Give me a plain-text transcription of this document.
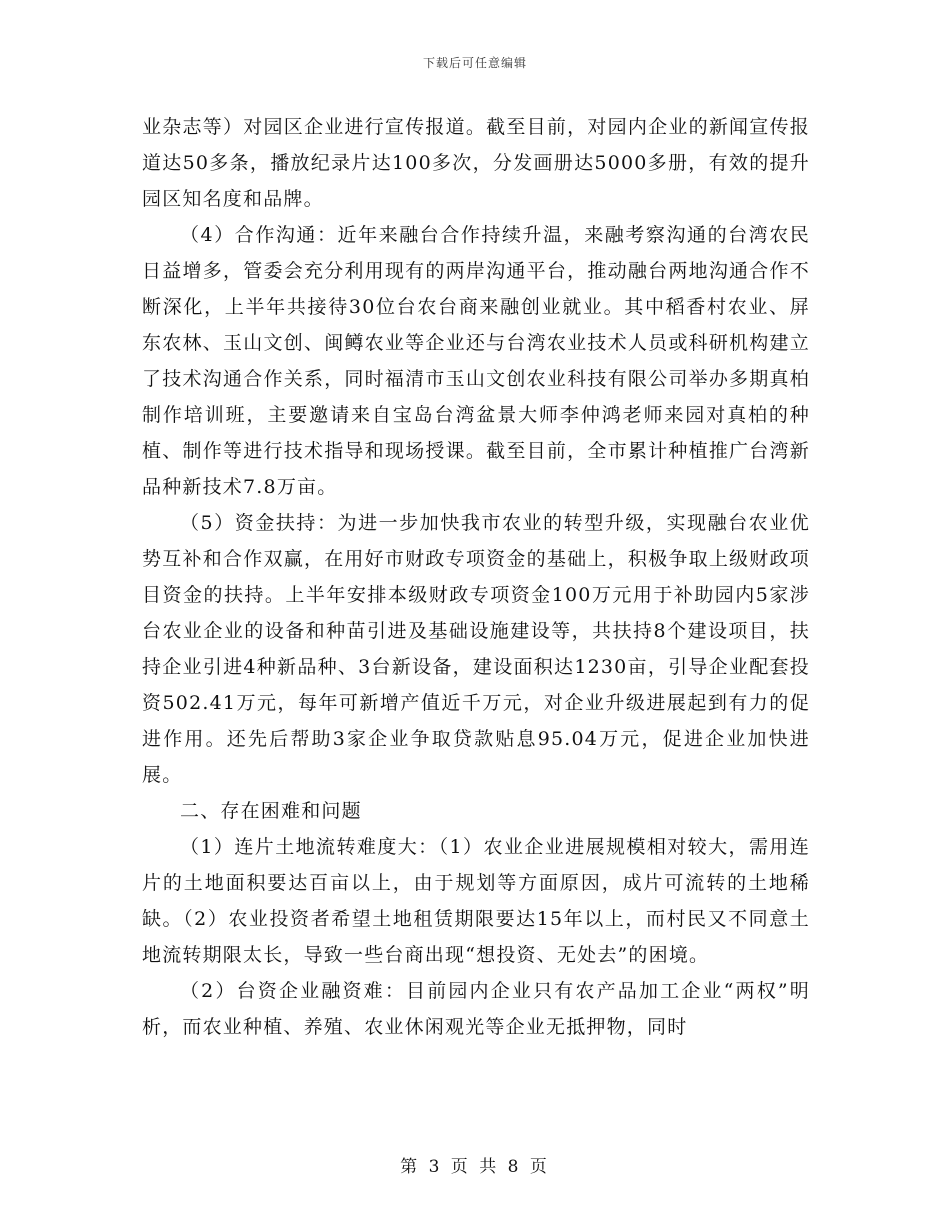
下载后可任意编辑

业杂志等）对园区企业进行宣传报道。截至目前，对园内企业的新闻宣传报道达50多条，播放纪录片达100多次，分发画册达5000多册，有效的提升园区知名度和品牌。

（4）合作沟通：近年来融台合作持续升温，来融考察沟通的台湾农民日益增多，管委会充分利用现有的两岸沟通平台，推动融台两地沟通合作不断深化，上半年共接待30位台农台商来融创业就业。其中稻香村农业、屏东农林、玉山文创、闽鳟农业等企业还与台湾农业技术人员或科研机构建立了技术沟通合作关系，同时福清市玉山文创农业科技有限公司举办多期真柏制作培训班，主要邀请来自宝岛台湾盆景大师李仲鸿老师来园对真柏的种植、制作等进行技术指导和现场授课。截至目前，全市累计种植推广台湾新品种新技术7.8万亩。

（5）资金扶持：为进一步加快我市农业的转型升级，实现融台农业优势互补和合作双赢，在用好市财政专项资金的基础上，积极争取上级财政项目资金的扶持。上半年安排本级财政专项资金100万元用于补助园内5家涉台农业企业的设备和种苗引进及基础设施建设等，共扶持8个建设项目，扶持企业引进4种新品种、3台新设备，建设面积达1230亩，引导企业配套投资502.41万元，每年可新增产值近千万元，对企业升级进展起到有力的促进作用。还先后帮助3家企业争取贷款贴息95.04万元，促进企业加快进展。

二、存在困难和问题

（1）连片土地流转难度大：（1）农业企业进展规模相对较大，需用连片的土地面积要达百亩以上，由于规划等方面原因，成片可流转的土地稀缺。（2）农业投资者希望土地租赁期限要达15年以上，而村民又不同意土地流转期限太长，导致一些台商出现“想投资、无处去”的困境。

（2）台资企业融资难：目前园内企业只有农产品加工企业“两权”明析，而农业种植、养殖、农业休闲观光等企业无抵押物，同时

第 3 页 共 8 页
